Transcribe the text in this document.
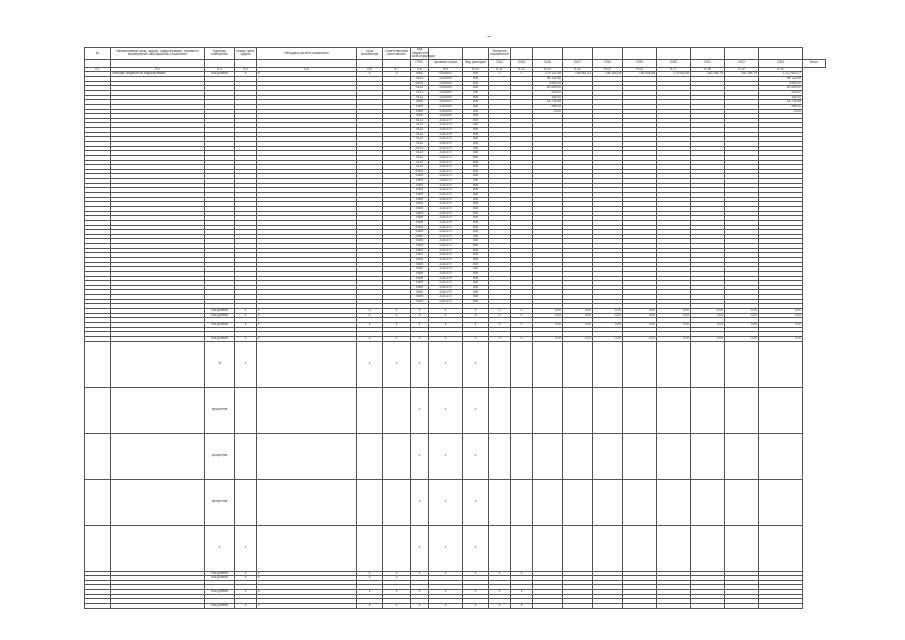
~
№	Наименование цели, задачи, подпрограммы, основного мероприятия, мероприятия, показателя	Единица измерения	Номер цели, задачи	Методика расчета показателя	Срок исполнения	Ответственный исполнитель	Код бюджетной классификации			Значения показателей										
							ГРБС	Целевая статья	Вид расходов	2014	2015	2016	2017	2018	2019	2020	2021	2022	2023	Итого
п.1	п.2	п.3	п.4	п.5	п.6	п.7	п.8	п.9	п.10	п.11	п.12	п.13	п.14	п.15	п.16	п.17	п.18	п.19	п.20	
	Расходы бюджета по подпрограмме	тыс.рублей	х	х	х	х	0000	0000000	000	0	0	175 131,56	155 981,61	146 354,06	183 906,58	175 906,58	160 184,79	160 184,79	1 372 662,07	
							0103	2110000	000			55 124,96							55 124,96	
							0104	2110000	000			2 800,00							2 800,00	
							0113	2110000	000			69 545,00							69 545,00	
							0113	2110000	000			325,00							325,00	
							0113	2110000	000			155,00							155,00	
							0309	2110000	000			15 730,56							15 730,56	
							0309	2110000	000			455,00							455,00	
							0309	2110000	000			75,00							75,00	
							0309	2110000	000											
							0113	2110170	000											
							0113	2110170	000											
							0113	2110170	000											
							0113	2110170	000											
							0113	2110170	000											
							0113	2110170	000											
							0113	2110170	000											
							0113	2110170	000											
							0113	2110170	000											
							0113	2110170	000											
							0113	2110170	000											
							0309	2110170	000											
							0309	2110170	000											
							0309	2110170	000											
							0309	2110170	000											
							0309	2110170	000											
							0309	2110170	000											
							0309	2110170	000											
							0309	2110170	000											
							0309	2110170	000											
							0309	2110170	000											
							0309	2110170	000											
							0309	2110170	000											
							0309	2110170	000											
							0309	2110170	000											
							0309	2110170	000											
							0309	2110170	000											
							0309	2110170	000											
							0309	2110170	000											
							0309	2110170	000											
							0309	2110170	000											
							0309	2110170	000											
							0309	2110170	000											
							0309	2110170	000											
							0309	2110170	000											
							0309	2110170	000											
							0309	2110170	000											
							0309	2110170	000											
							0309	2110170	000											
							0309	2110170	000											

		тыс.рублей	х	х	х	х	х	х	х	0	0	0,00	0,00	0,00	0,00	0,00	0,00	0,00	0,00	
		тыс.рублей	х	х	х	х	х	х	х	0	0	0,00	0,00	0,00	0,00	0,00	0,00	0,00	0,00	

		тыс.рублей	х	х	х	х	х	х	х	0	0	0,00	0,00	0,00	0,00	0,00	0,00	0,00	0,00	

		тыс.рублей	х	х	х	х	х	х	х	0	0	0,00	0,00	0,00	0,00	0,00	0,00	0,00	0,00	
		%	х		х	х	х	х	х											
		процентов					х	х	х											
		процентов					х	х	х											
		процентов					х	х	х											
		х	х				х	х	х											
		тыс.рублей	х	х	х	х	х	х	х	х	х									
		тыс.рублей	х	х	х	х														

		тыс.рублей	х	х	х	х	х	х	х	х	х									

		тыс.рублей	х	х	х	х	х	х	х	х	х									
